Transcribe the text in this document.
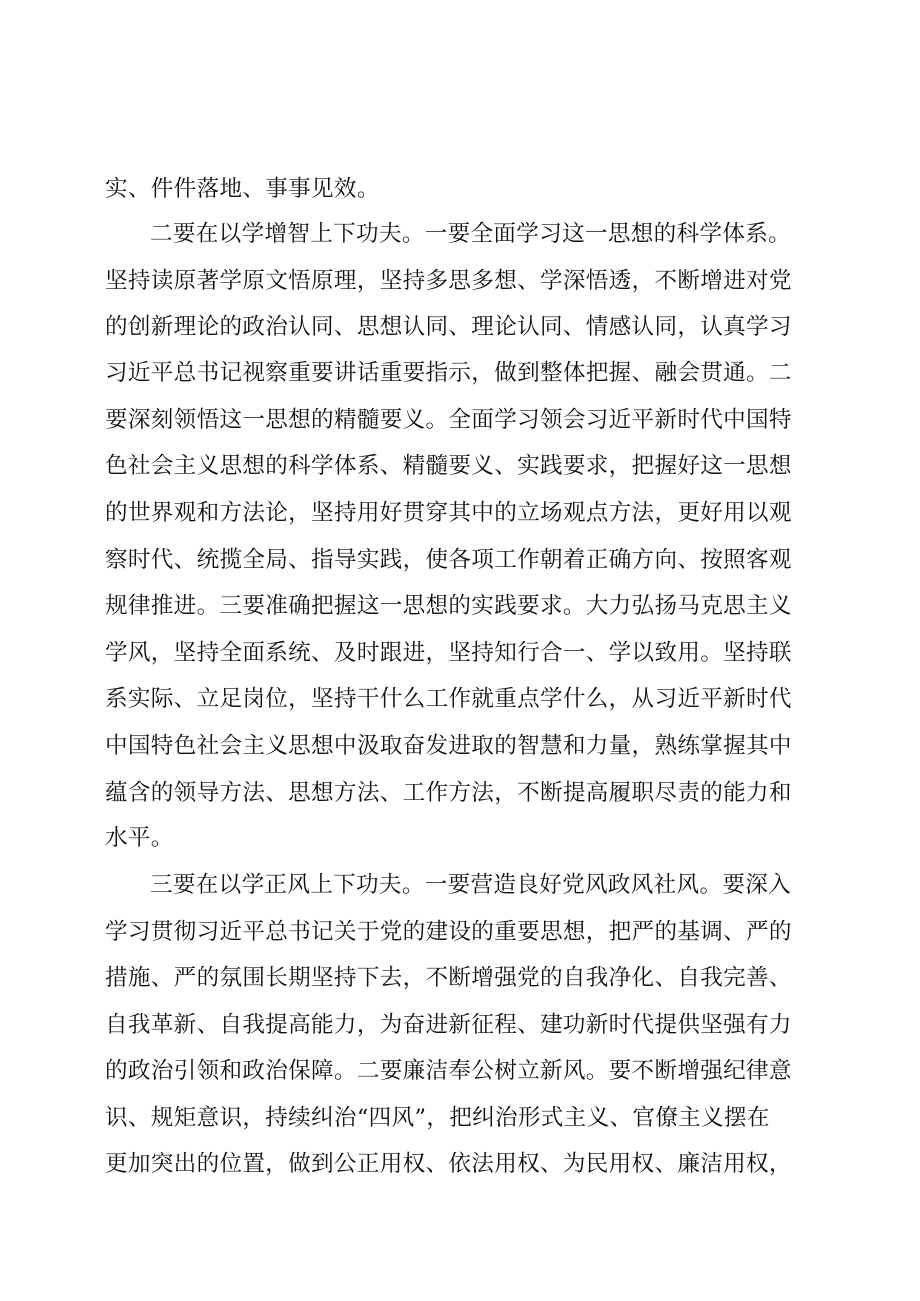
实、件件落地、事事见效。
二要在以学增智上下功夫。一要全面学习这一思想的科学体系。
坚持读原著学原文悟原理，坚持多思多想、学深悟透，不断增进对党
的创新理论的政治认同、思想认同、理论认同、情感认同，认真学习
习近平总书记视察重要讲话重要指示，做到整体把握、融会贯通。二
要深刻领悟这一思想的精髓要义。全面学习领会习近平新时代中国特
色社会主义思想的科学体系、精髓要义、实践要求，把握好这一思想
的世界观和方法论，坚持用好贯穿其中的立场观点方法，更好用以观
察时代、统揽全局、指导实践，使各项工作朝着正确方向、按照客观
规律推进。三要准确把握这一思想的实践要求。大力弘扬马克思主义
学风，坚持全面系统、及时跟进，坚持知行合一、学以致用。坚持联
系实际、立足岗位，坚持干什么工作就重点学什么，从习近平新时代
中国特色社会主义思想中汲取奋发进取的智慧和力量，熟练掌握其中
蕴含的领导方法、思想方法、工作方法，不断提高履职尽责的能力和
水平。
三要在以学正风上下功夫。一要营造良好党风政风社风。要深入
学习贯彻习近平总书记关于党的建设的重要思想，把严的基调、严的
措施、严的氛围长期坚持下去，不断增强党的自我净化、自我完善、
自我革新、自我提高能力，为奋进新征程、建功新时代提供坚强有力
的政治引领和政治保障。二要廉洁奉公树立新风。要不断增强纪律意
识、规矩意识，持续纠治“四风”，把纠治形式主义、官僚主义摆在
更加突出的位置，做到公正用权、依法用权、为民用权、廉洁用权，
